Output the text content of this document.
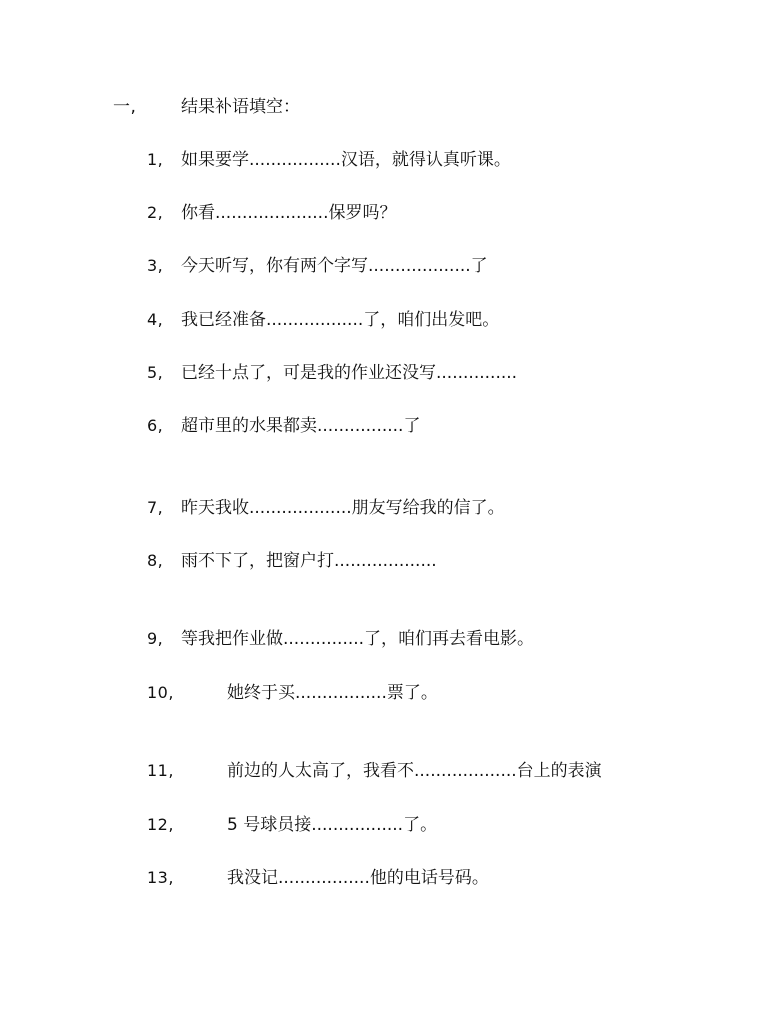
一,	结果补语填空：
1, 如果要学.................汉语，就得认真听课。
2, 你看.....................保罗吗？
3, 今天听写，你有两个字写...................了
4, 我已经准备..................了，咱们出发吧。
5, 已经十点了，可是我的作业还没写...............
6, 超市里的水果都卖................了
7, 昨天我收...................朋友写给我的信了。
8, 雨不下了，把窗户打...................
9, 等我把作业做...............了，咱们再去看电影。
10,	她终于买.................票了。
11,	前边的人太高了，我看不...................台上的表演
12,	5 号球员接.................了。
13,	我没记.................他的电话号码。
